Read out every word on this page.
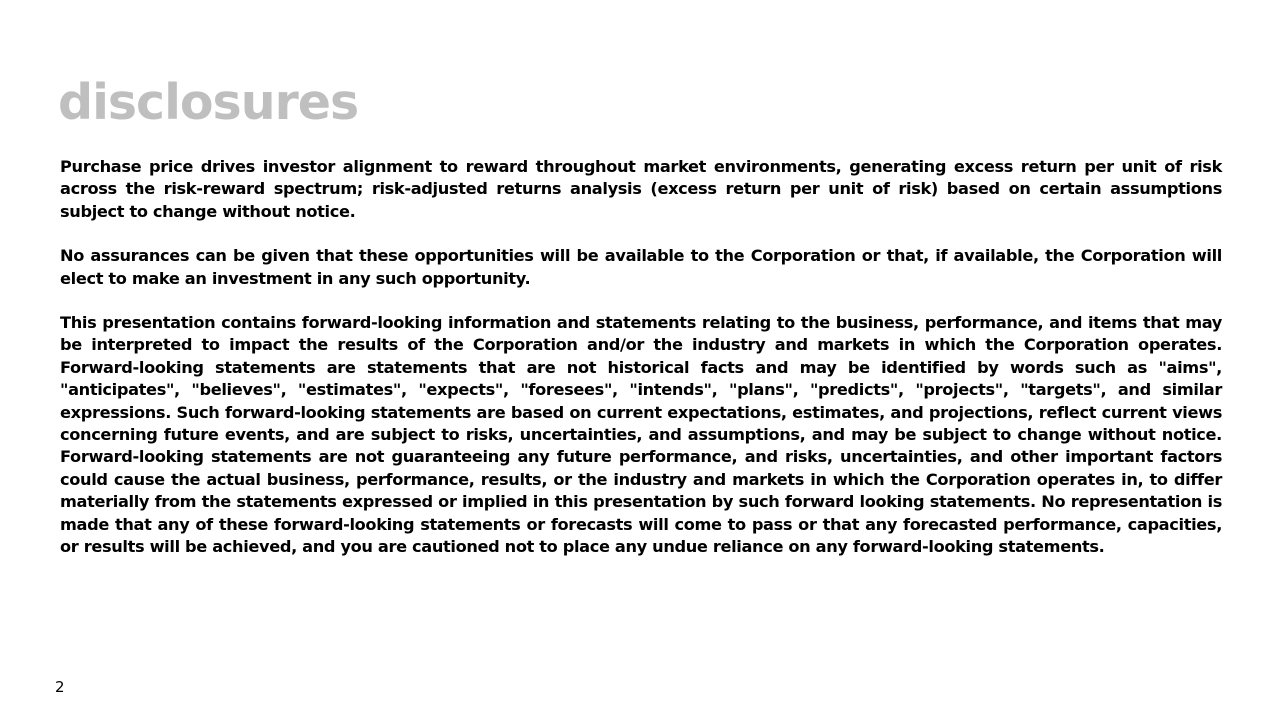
disclosures

Purchase price drives investor alignment to reward throughout market environments, generating excess return per unit of risk across the risk-reward spectrum; risk-adjusted returns analysis (excess return per unit of risk) based on certain assumptions subject to change without notice.

No assurances can be given that these opportunities will be available to the Corporation or that, if available, the Corporation will elect to make an investment in any such opportunity.

This presentation contains forward-looking information and statements relating to the business, performance, and items that may be interpreted to impact the results of the Corporation and/or the industry and markets in which the Corporation operates. Forward-looking statements are statements that are not historical facts and may be identified by words such as "aims", "anticipates", "believes", "estimates", "expects", "foresees", "intends", "plans", "predicts", "projects", "targets", and similar expressions. Such forward-looking statements are based on current expectations, estimates, and projections, reflect current views concerning future events, and are subject to risks, uncertainties, and assumptions, and may be subject to change without notice. Forward-looking statements are not guaranteeing any future performance, and risks, uncertainties, and other important factors could cause the actual business, performance, results, or the industry and markets in which the Corporation operates in, to differ materially from the statements expressed or implied in this presentation by such forward looking statements. No representation is made that any of these forward-looking statements or forecasts will come to pass or that any forecasted performance, capacities, or results will be achieved, and you are cautioned not to place any undue reliance on any forward-looking statements.

2
